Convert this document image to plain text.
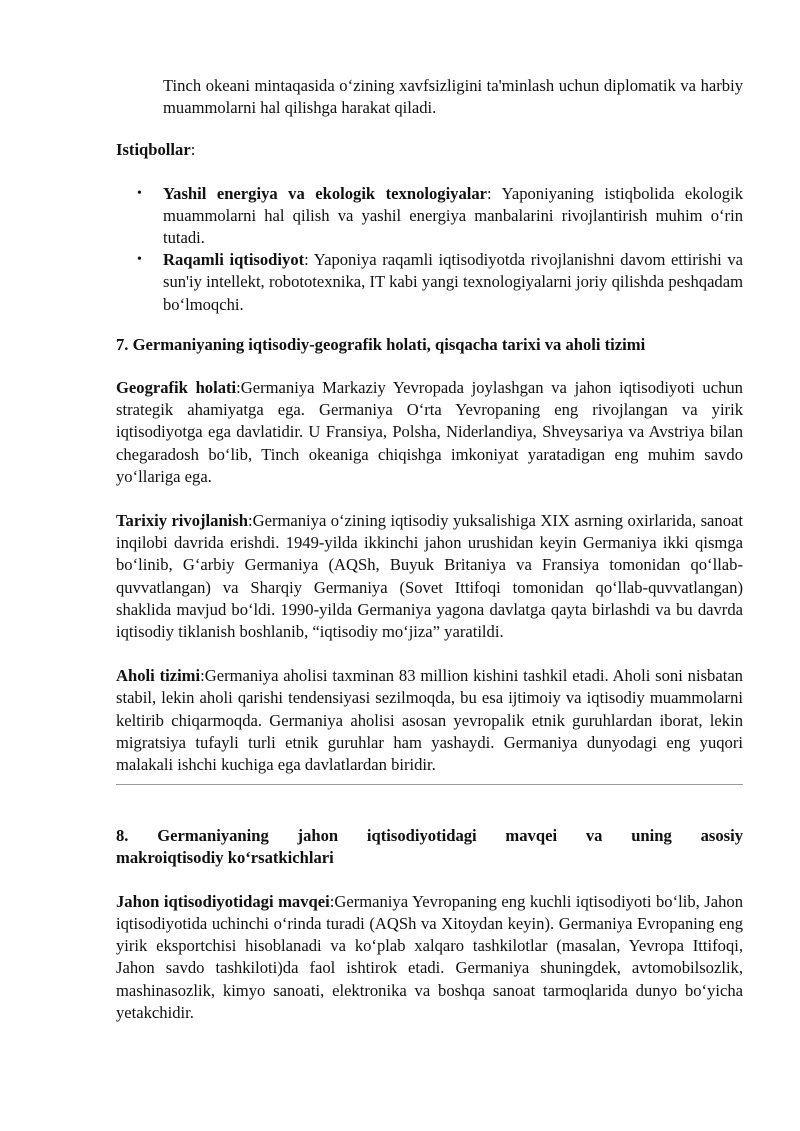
Tinch okeani mintaqasida o‘zining xavfsizligini ta'minlash uchun diplomatik va harbiy muammolarni hal qilishga harakat qiladi.

Istiqbollar:

• Yashil energiya va ekologik texnologiyalar: Yaponiyaning istiqbolida ekologik muammolarni hal qilish va yashil energiya manbalarini rivojlantirish muhim o‘rin tutadi.
• Raqamli iqtisodiyot: Yaponiya raqamli iqtisodiyotda rivojlanishni davom ettirishi va sun'iy intellekt, robototexnika, IT kabi yangi texnologiyalarni joriy qilishda peshqadam bo‘lmoqchi.

7. Germaniyaning iqtisodiy-geografik holati, qisqacha tarixi va aholi tizimi

Geografik holati:Germaniya Markaziy Yevropada joylashgan va jahon iqtisodiyoti uchun strategik ahamiyatga ega. Germaniya O‘rta Yevropaning eng rivojlangan va yirik iqtisodiyotga ega davlatidir. U Fransiya, Polsha, Niderlandiya, Shveysariya va Avstriya bilan chegaradosh bo‘lib, Tinch okeaniga chiqishga imkoniyat yaratadigan eng muhim savdo yo‘llariga ega.

Tarixiy rivojlanish:Germaniya o‘zining iqtisodiy yuksalishiga XIX asrning oxirlarida, sanoat inqilobi davrida erishdi. 1949-yilda ikkinchi jahon urushidan keyin Germaniya ikki qismga bo‘linib, G‘arbiy Germaniya (AQSh, Buyuk Britaniya va Fransiya tomonidan qo‘llab-quvvatlangan) va Sharqiy Germaniya (Sovet Ittifoqi tomonidan qo‘llab-quvvatlangan) shaklida mavjud bo‘ldi. 1990-yilda Germaniya yagona davlatga qayta birlashdi va bu davrda iqtisodiy tiklanish boshlanib, “iqtisodiy mo‘jiza” yaratildi.

Aholi tizimi:Germaniya aholisi taxminan 83 million kishini tashkil etadi. Aholi soni nisbatan stabil, lekin aholi qarishi tendensiyasi sezilmoqda, bu esa ijtimoiy va iqtisodiy muammolarni keltirib chiqarmoqda. Germaniya aholisi asosan yevropalik etnik guruhlardan iborat, lekin migratsiya tufayli turli etnik guruhlar ham yashaydi. Germaniya dunyodagi eng yuqori malakali ishchi kuchiga ega davlatlardan biridir.

8. Germaniyaning jahon iqtisodiyotidagi mavqei va uning asosiy
makroiqtisodiy ko‘rsatkichlari

Jahon iqtisodiyotidagi mavqei:Germaniya Yevropaning eng kuchli iqtisodiyoti bo‘lib, Jahon iqtisodiyotida uchinchi o‘rinda turadi (AQSh va Xitoydan keyin). Germaniya Evropaning eng yirik eksportchisi hisoblanadi va ko‘plab xalqaro tashkilotlar (masalan, Yevropa Ittifoqi, Jahon savdo tashkiloti)da faol ishtirok etadi. Germaniya shuningdek, avtomobilsozlik, mashinasozlik, kimyo sanoati, elektronika va boshqa sanoat tarmoqlarida dunyo bo‘yicha yetakchidir.
